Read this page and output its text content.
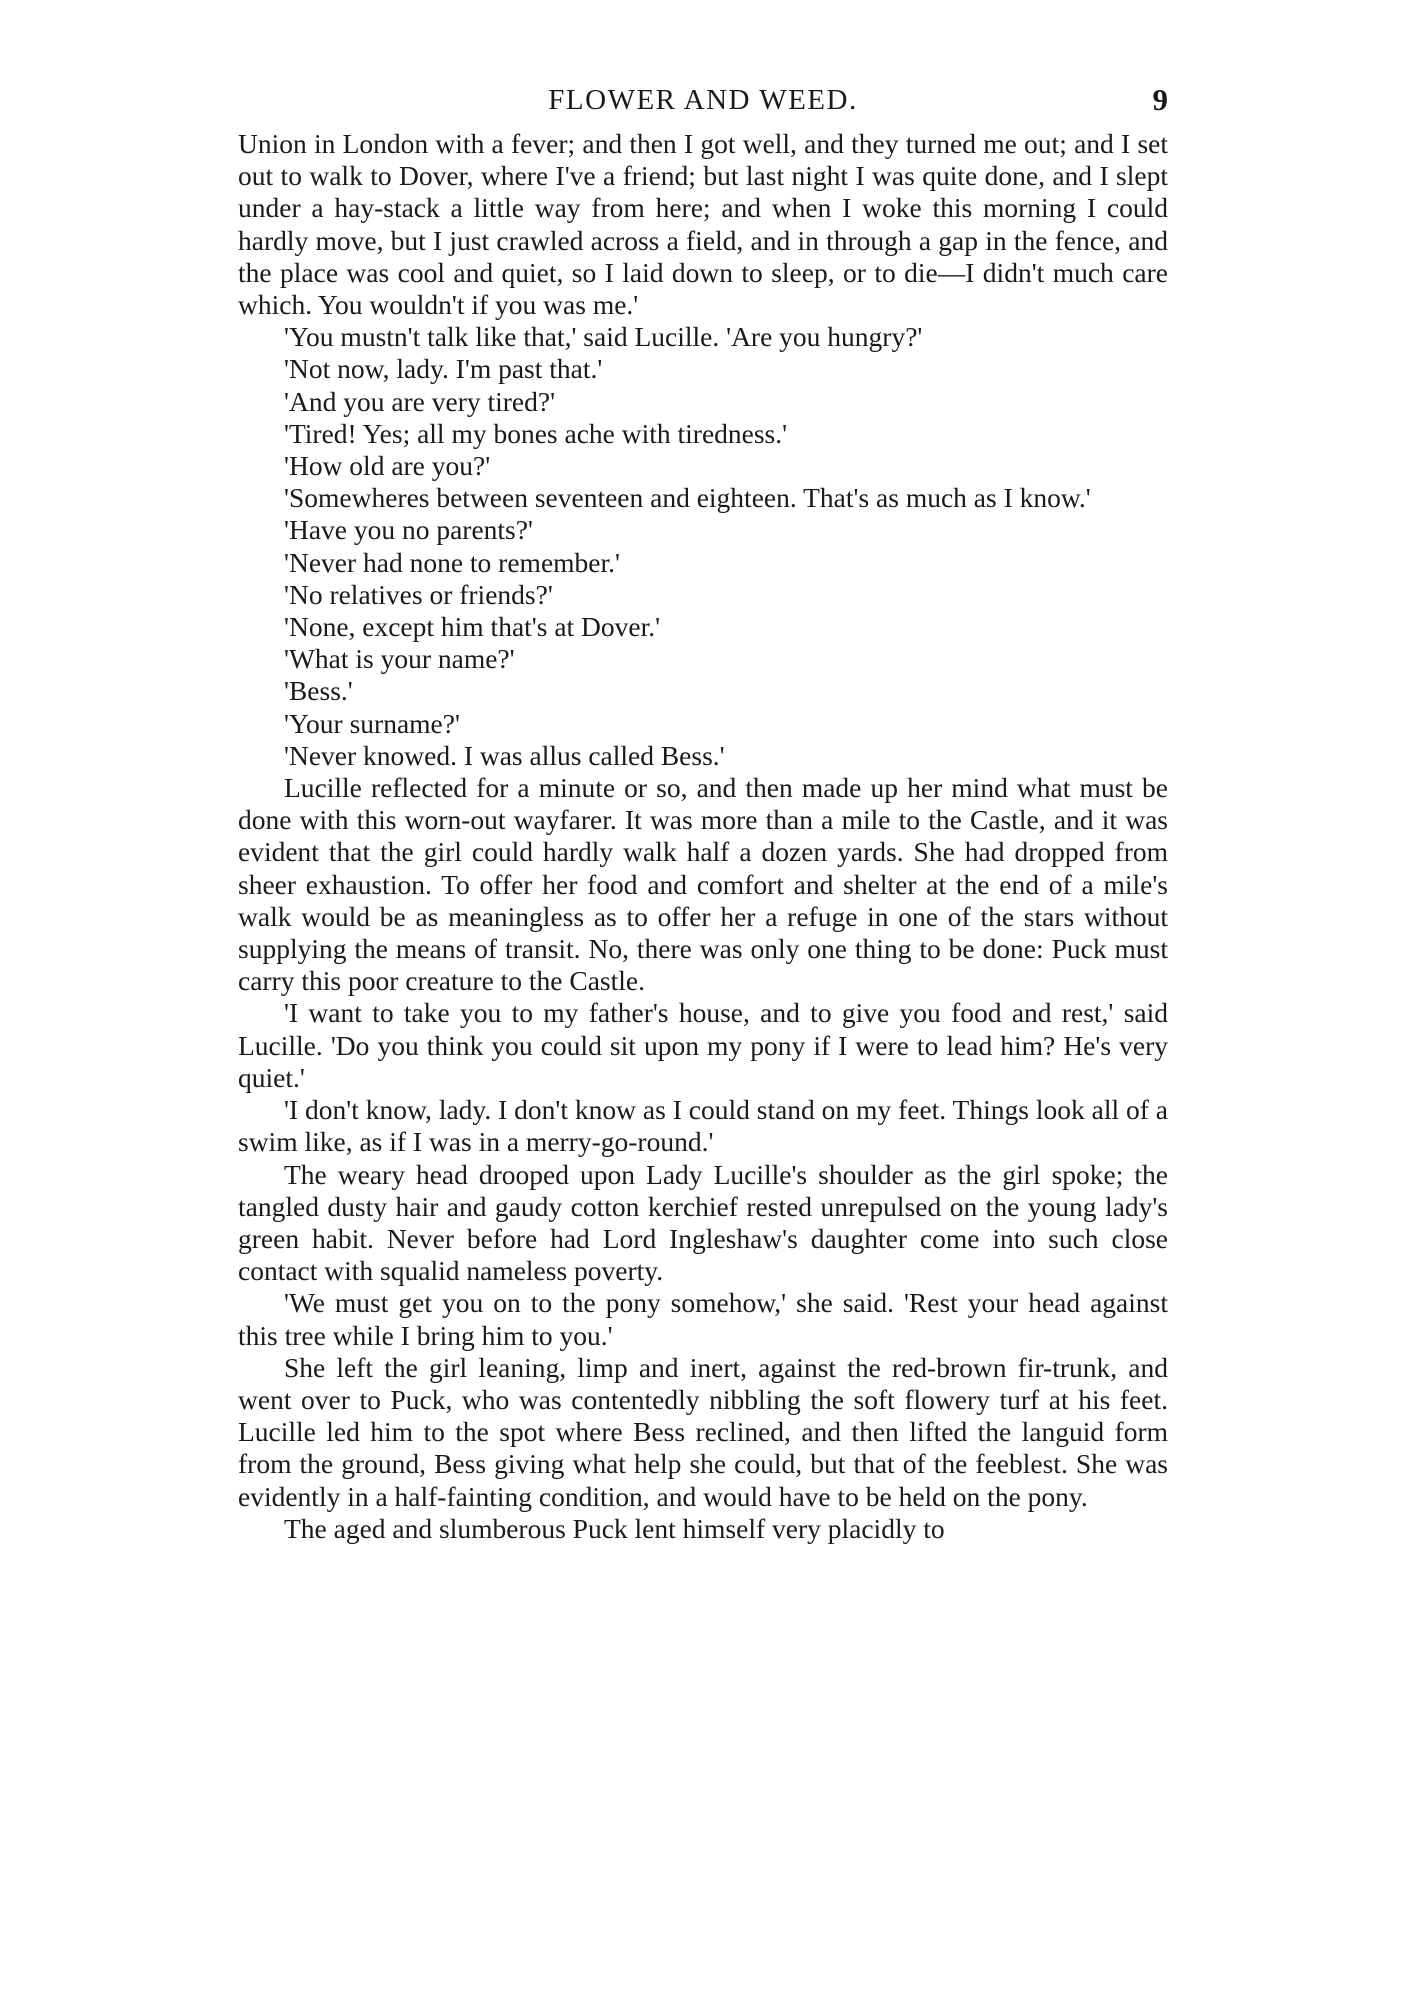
FLOWER AND WEED.	9

Union in London with a fever; and then I got well, and they turned me out; and I set out to walk to Dover, where I've a friend; but last night I was quite done, and I slept under a hay-stack a little way from here; and when I woke this morning I could hardly move, but I just crawled across a field, and in through a gap in the fence, and the place was cool and quiet, so I laid down to sleep, or to die—I didn't much care which. You wouldn't if you was me.'

'You mustn't talk like that,' said Lucille. 'Are you hungry?'

'Not now, lady. I'm past that.'

'And you are very tired?'

'Tired! Yes; all my bones ache with tiredness.'

'How old are you?'

'Somewheres between seventeen and eighteen. That's as much as I know.'

'Have you no parents?'

'Never had none to remember.'

'No relatives or friends?'

'None, except him that's at Dover.'

'What is your name?'

'Bess.'

'Your surname?'

'Never knowed. I was allus called Bess.'

Lucille reflected for a minute or so, and then made up her mind what must be done with this worn-out wayfarer. It was more than a mile to the Castle, and it was evident that the girl could hardly walk half a dozen yards. She had dropped from sheer exhaustion. To offer her food and comfort and shelter at the end of a mile's walk would be as meaningless as to offer her a refuge in one of the stars without supplying the means of transit. No, there was only one thing to be done: Puck must carry this poor creature to the Castle.

'I want to take you to my father's house, and to give you food and rest,' said Lucille. 'Do you think you could sit upon my pony if I were to lead him? He's very quiet.'

'I don't know, lady. I don't know as I could stand on my feet. Things look all of a swim like, as if I was in a merry-go-round.'

The weary head drooped upon Lady Lucille's shoulder as the girl spoke; the tangled dusty hair and gaudy cotton kerchief rested unrepulsed on the young lady's green habit. Never before had Lord Ingleshaw's daughter come into such close contact with squalid nameless poverty.

'We must get you on to the pony somehow,' she said. 'Rest your head against this tree while I bring him to you.'

She left the girl leaning, limp and inert, against the red-brown fir-trunk, and went over to Puck, who was contentedly nibbling the soft flowery turf at his feet. Lucille led him to the spot where Bess reclined, and then lifted the languid form from the ground, Bess giving what help she could, but that of the feeblest. She was evidently in a half-fainting condition, and would have to be held on the pony.

The aged and slumberous Puck lent himself very placidly to
